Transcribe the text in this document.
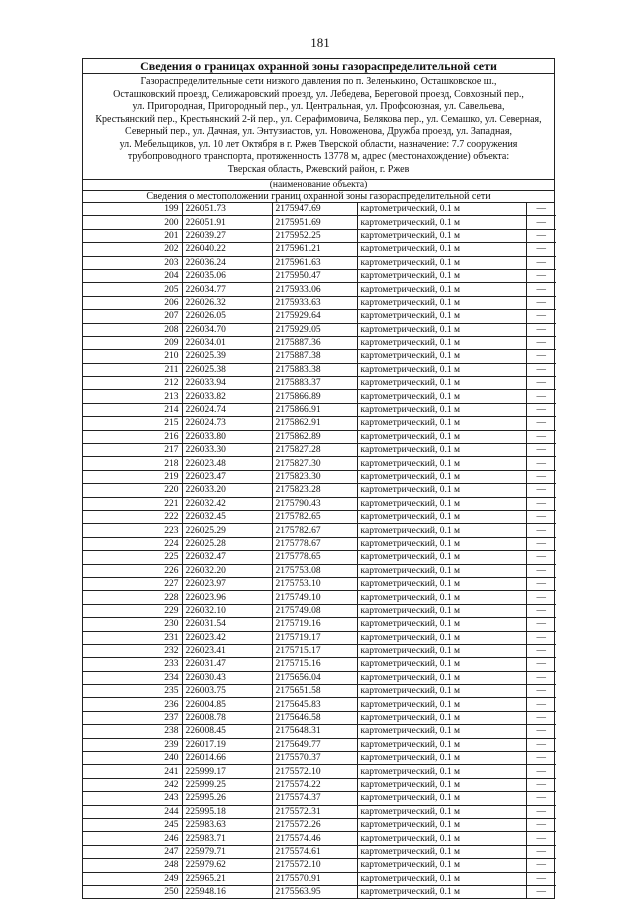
181
Сведения о границах охранной зоны газораспределительной сети
Газораспределительные сети низкого давления по п. Зеленькино, Осташковское ш.,
Осташковский проезд, Селижаровский проезд, ул. Лебедева, Береговой проезд, Совхозный пер.,
ул. Пригородная, Пригородный пер., ул. Центральная, ул. Профсоюзная, ул. Савельева,
Крестьянский пер., Крестьянский 2-й пер., ул. Серафимовича, Белякова пер., ул. Семашко, ул. Северная,
Северный пер., ул. Дачная, ул. Энтузиастов, ул. Новоженова, Дружба проезд, ул. Западная,
ул. Мебельщиков, ул. 10 лет Октября в г. Ржев Тверской области, назначение: 7.7 сооружения
трубопроводного транспорта, протяженность 13778 м, адрес (местонахождение) объекта:
Тверская область, Ржевский район, г. Ржев
(наименование объекта)
Сведения о местоположении границ охранной зоны газораспределительной сети
199	226051.73	2175947.69	картометрический, 0.1 м	—
200	226051.91	2175951.69	картометрический, 0.1 м	—
201	226039.27	2175952.25	картометрический, 0.1 м	—
202	226040.22	2175961.21	картометрический, 0.1 м	—
203	226036.24	2175961.63	картометрический, 0.1 м	—
204	226035.06	2175950.47	картометрический, 0.1 м	—
205	226034.77	2175933.06	картометрический, 0.1 м	—
206	226026.32	2175933.63	картометрический, 0.1 м	—
207	226026.05	2175929.64	картометрический, 0.1 м	—
208	226034.70	2175929.05	картометрический, 0.1 м	—
209	226034.01	2175887.36	картометрический, 0.1 м	—
210	226025.39	2175887.38	картометрический, 0.1 м	—
211	226025.38	2175883.38	картометрический, 0.1 м	—
212	226033.94	2175883.37	картометрический, 0.1 м	—
213	226033.82	2175866.89	картометрический, 0.1 м	—
214	226024.74	2175866.91	картометрический, 0.1 м	—
215	226024.73	2175862.91	картометрический, 0.1 м	—
216	226033.80	2175862.89	картометрический, 0.1 м	—
217	226033.30	2175827.28	картометрический, 0.1 м	—
218	226023.48	2175827.30	картометрический, 0.1 м	—
219	226023.47	2175823.30	картометрический, 0.1 м	—
220	226033.20	2175823.28	картометрический, 0.1 м	—
221	226032.42	2175790.43	картометрический, 0.1 м	—
222	226032.45	2175782.65	картометрический, 0.1 м	—
223	226025.29	2175782.67	картометрический, 0.1 м	—
224	226025.28	2175778.67	картометрический, 0.1 м	—
225	226032.47	2175778.65	картометрический, 0.1 м	—
226	226032.20	2175753.08	картометрический, 0.1 м	—
227	226023.97	2175753.10	картометрический, 0.1 м	—
228	226023.96	2175749.10	картометрический, 0.1 м	—
229	226032.10	2175749.08	картометрический, 0.1 м	—
230	226031.54	2175719.16	картометрический, 0.1 м	—
231	226023.42	2175719.17	картометрический, 0.1 м	—
232	226023.41	2175715.17	картометрический, 0.1 м	—
233	226031.47	2175715.16	картометрический, 0.1 м	—
234	226030.43	2175656.04	картометрический, 0.1 м	—
235	226003.75	2175651.58	картометрический, 0.1 м	—
236	226004.85	2175645.83	картометрический, 0.1 м	—
237	226008.78	2175646.58	картометрический, 0.1 м	—
238	226008.45	2175648.31	картометрический, 0.1 м	—
239	226017.19	2175649.77	картометрический, 0.1 м	—
240	226014.66	2175570.37	картометрический, 0.1 м	—
241	225999.17	2175572.10	картометрический, 0.1 м	—
242	225999.25	2175574.22	картометрический, 0.1 м	—
243	225995.26	2175574.37	картометрический, 0.1 м	—
244	225995.18	2175572.31	картометрический, 0.1 м	—
245	225983.63	2175572.26	картометрический, 0.1 м	—
246	225983.71	2175574.46	картометрический, 0.1 м	—
247	225979.71	2175574.61	картометрический, 0.1 м	—
248	225979.62	2175572.10	картометрический, 0.1 м	—
249	225965.21	2175570.91	картометрический, 0.1 м	—
250	225948.16	2175563.95	картометрический, 0.1 м	—
